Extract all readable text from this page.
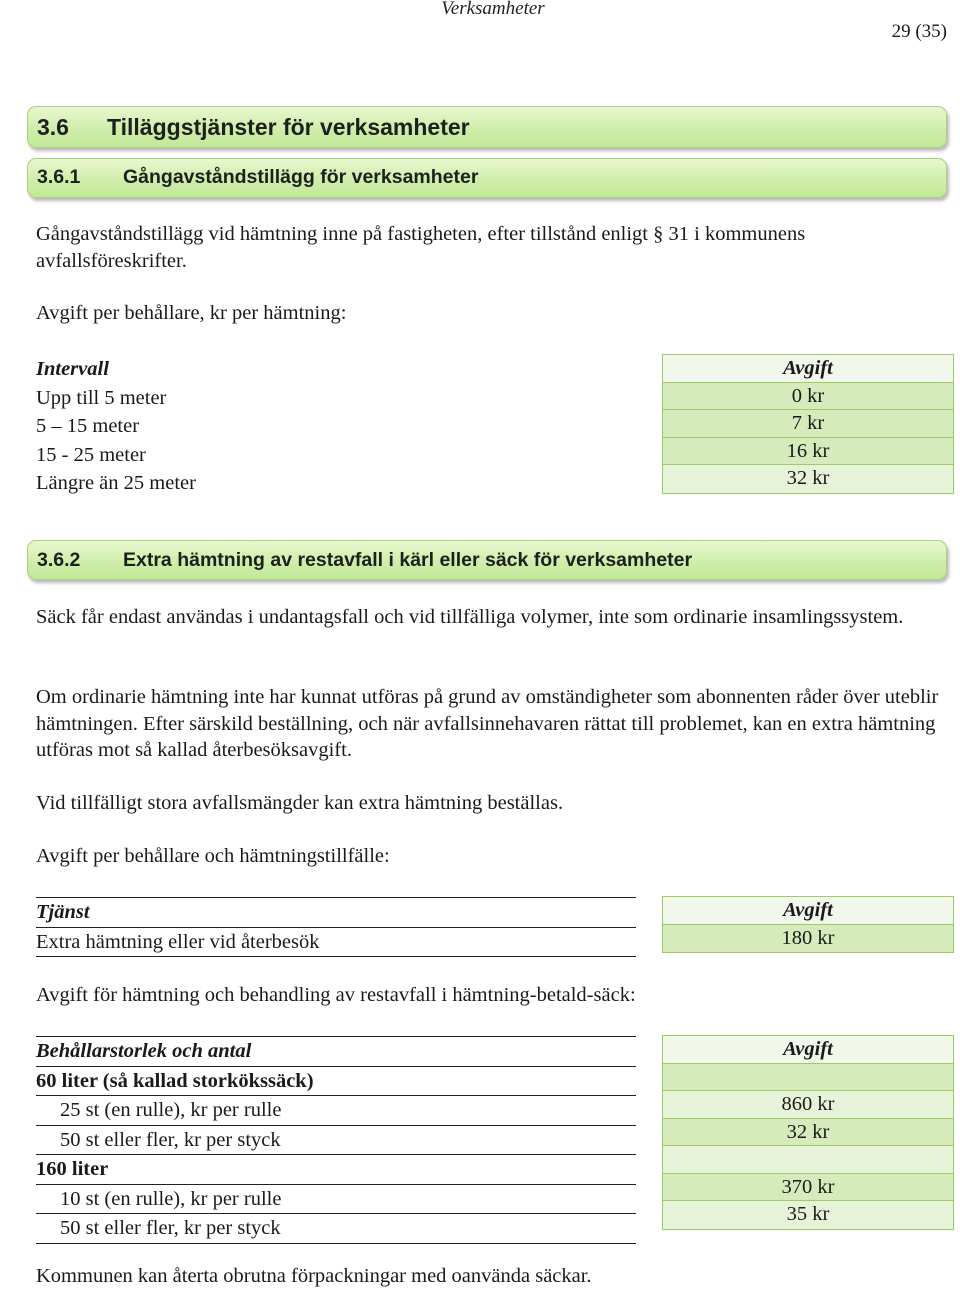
Verksamheter
29 (35)
3.6 Tilläggstjänster för verksamheter
3.6.1 Gångavståndstillägg för verksamheter

Gångavståndstillägg vid hämtning inne på fastigheten, efter tillstånd enligt § 31 i kommunens avfallsföreskrifter.

Avgift per behållare, kr per hämtning:

Intervall
Upp till 5 meter
5 – 15 meter
15 - 25 meter
Längre än 25 meter
Avgift
0 kr
7 kr
16 kr
32 kr
3.6.2 Extra hämtning av restavfall i kärl eller säck för verksamheter

Säck får endast användas i undantagsfall och vid tillfälliga volymer, inte som ordinarie insamlingssystem.

Om ordinarie hämtning inte har kunnat utföras på grund av omständigheter som abonnenten råder över uteblir hämtningen. Efter särskild beställning, och när avfallsinnehavaren rättat till problemet, kan en extra hämtning utföras mot så kallad återbesöksavgift.

Vid tillfälligt stora avfallsmängder kan extra hämtning beställas.

Avgift per behållare och hämtningstillfälle:

Tjänst
Extra hämtning eller vid återbesök
Avgift
180 kr

Avgift för hämtning och behandling av restavfall i hämtning-betald-säck:

Behållarstorlek och antal
60 liter (så kallad storkökssäck)
25 st (en rulle), kr per rulle
50 st eller fler, kr per styck
160 liter
10 st (en rulle), kr per rulle
50 st eller fler, kr per styck
Avgift
860 kr
32 kr
370 kr
35 kr

Kommunen kan återta obrutna förpackningar med oanvända säckar.
